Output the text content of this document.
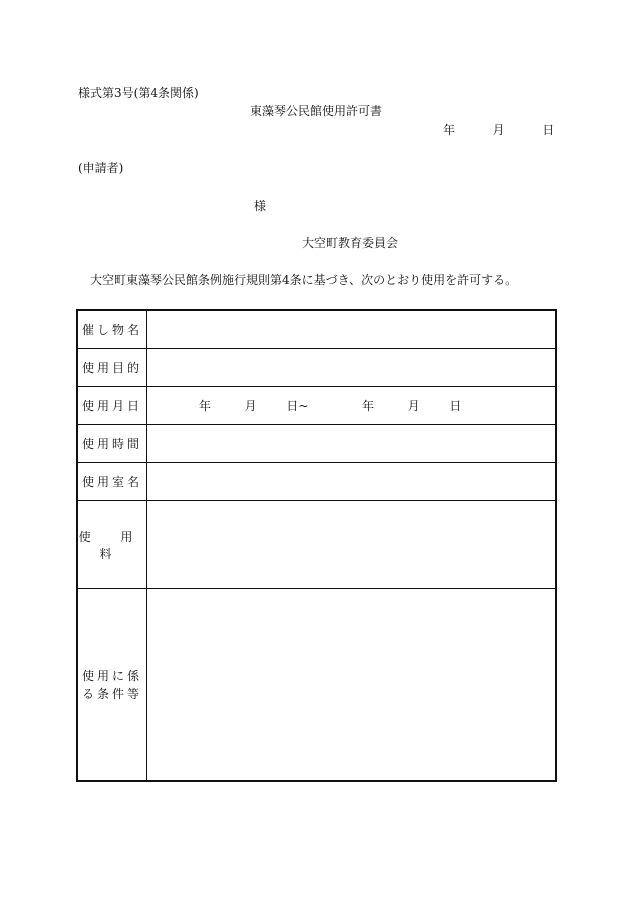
様式第3号(第4条関係)
東藻琴公民館使用許可書
年	月	日
(申請者)
様
大空町教育委員会
大空町東藻琴公民館条例施行規則第4条に基づき、次のとおり使用を許可する。
催し物名	
使用目的	
使用月日	年 月 日~ 年 月 日

使用時間	
使用室名	
使 用 料	

使用に係
る条件等	
